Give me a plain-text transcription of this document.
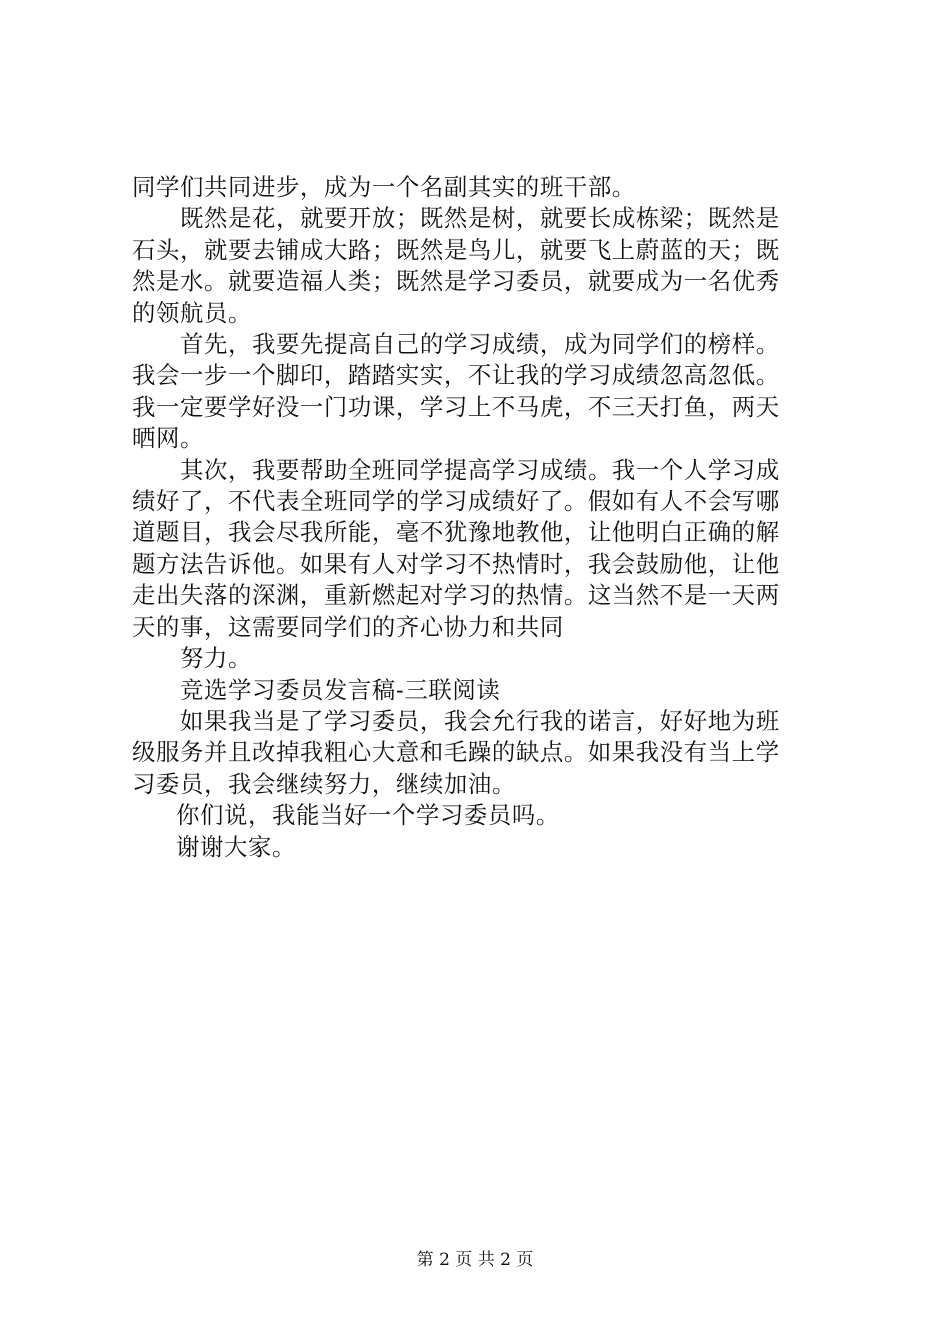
同学们共同进步，成为一个名副其实的班干部。

既然是花，就要开放；既然是树，就要长成栋梁；既然是

石头，就要去铺成大路；既然是鸟儿，就要飞上蔚蓝的天；既

然是水。就要造福人类；既然是学习委员，就要成为一名优秀

的领航员。

首先，我要先提高自己的学习成绩，成为同学们的榜样。

我会一步一个脚印，踏踏实实，不让我的学习成绩忽高忽低。

我一定要学好没一门功课，学习上不马虎，不三天打鱼，两天

晒网。

其次，我要帮助全班同学提高学习成绩。我一个人学习成

绩好了，不代表全班同学的学习成绩好了。假如有人不会写哪

道题目，我会尽我所能，毫不犹豫地教他，让他明白正确的解

题方法告诉他。如果有人对学习不热情时，我会鼓励他，让他

走出失落的深渊，重新燃起对学习的热情。这当然不是一天两

天的事，这需要同学们的齐心协力和共同

努力。

竞选学习委员发言稿-三联阅读

如果我当是了学习委员，我会允行我的诺言，好好地为班

级服务并且改掉我粗心大意和毛躁的缺点。如果我没有当上学

习委员，我会继续努力，继续加油。

你们说，我能当好一个学习委员吗。

谢谢大家。

第 2 页 共 2 页
